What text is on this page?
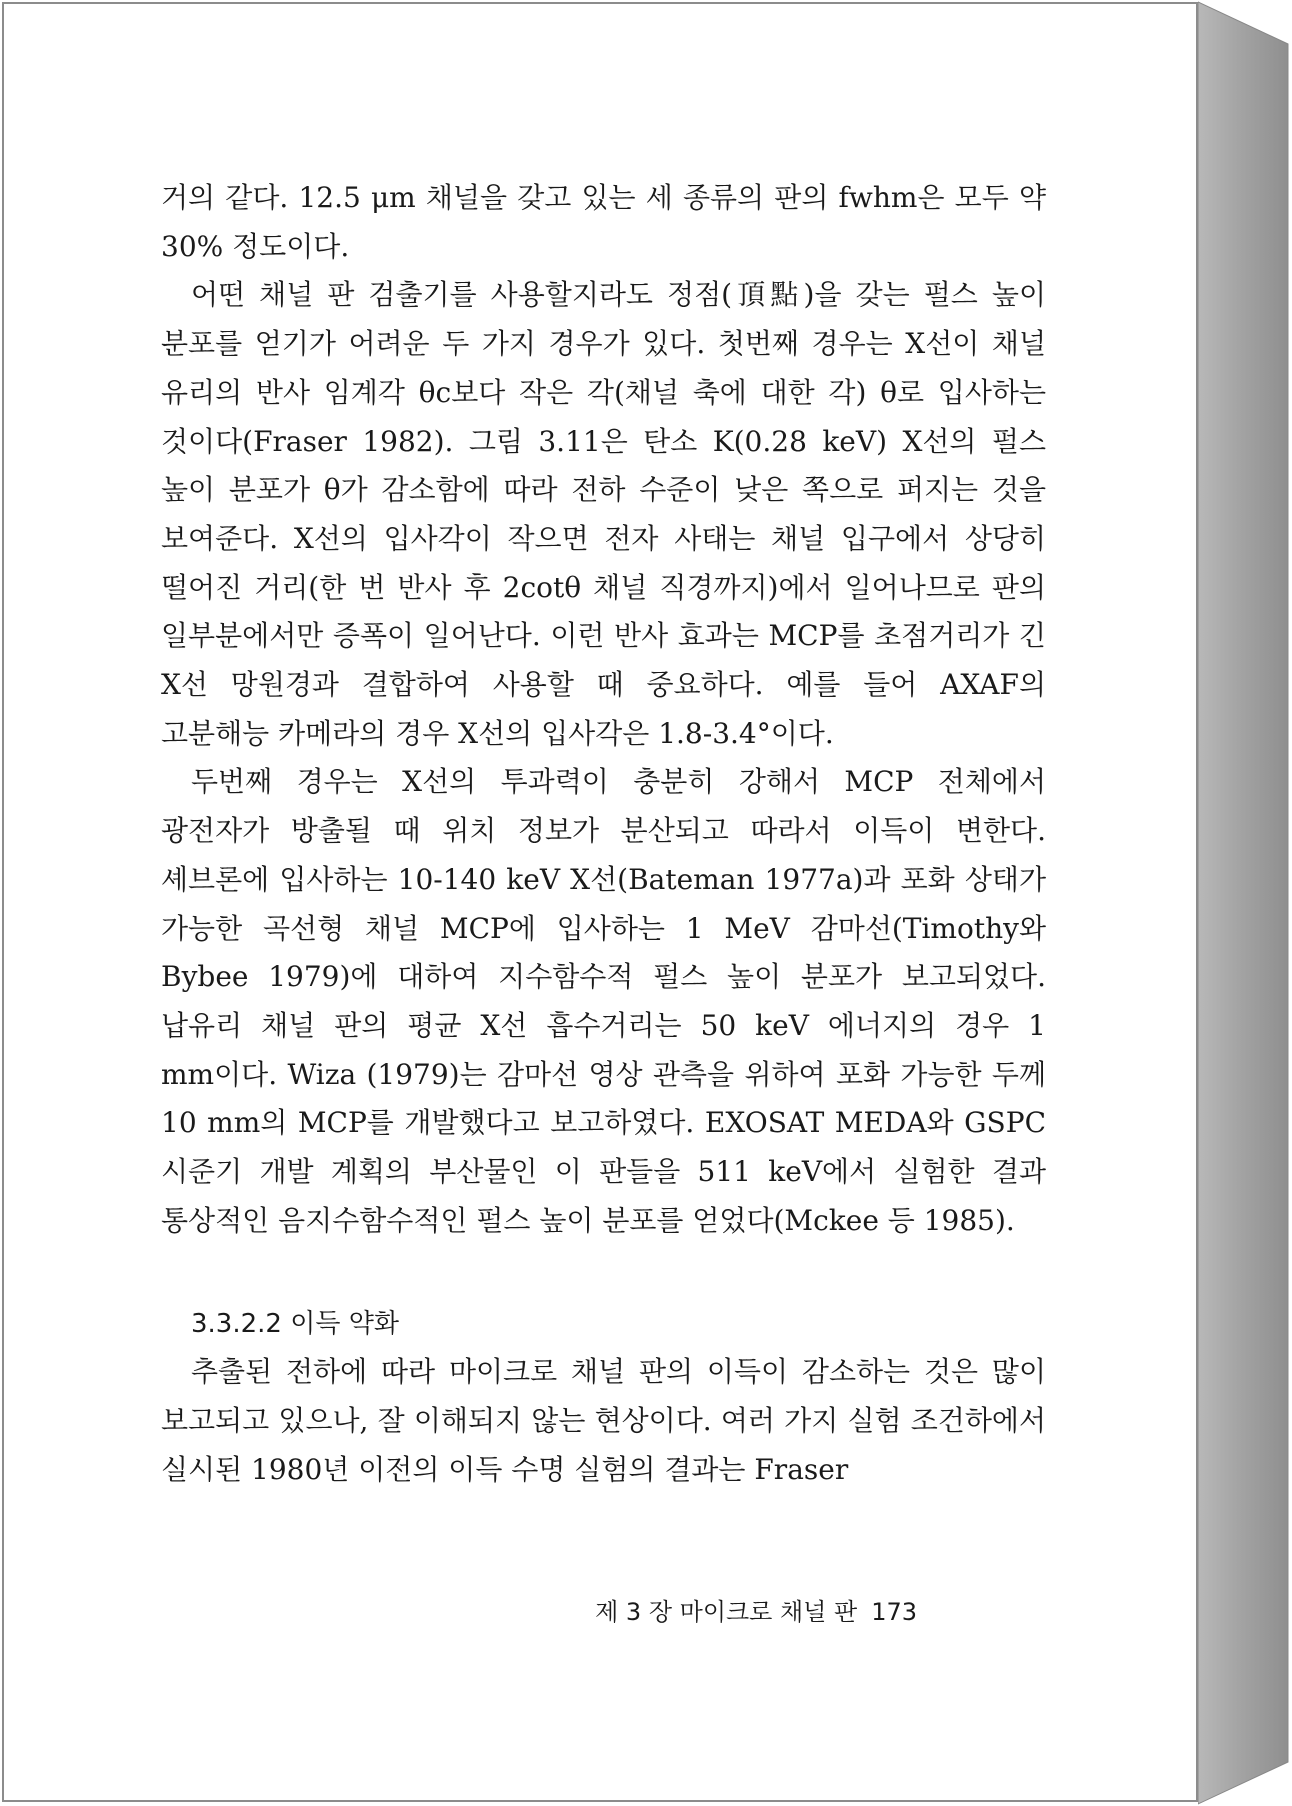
거의 같다. 12.5 μm 채널을 갖고 있는 세 종류의 판의 fwhm은 모두 약 30% 정도이다.

어떤 채널 판 검출기를 사용할지라도 정점(頂點)을 갖는 펄스 높이 분포를 얻기가 어려운 두 가지 경우가 있다. 첫번째 경우는 X선이 채널 유리의 반사 임계각 θc보다 작은 각(채널 축에 대한 각) θ로 입사하는 것이다(Fraser 1982). 그림 3.11은 탄소 K(0.28 keV) X선의 펄스 높이 분포가 θ가 감소함에 따라 전하 수준이 낮은 쪽으로 퍼지는 것을 보여준다. X선의 입사각이 작으면 전자 사태는 채널 입구에서 상당히 떨어진 거리(한 번 반사 후 2cotθ 채널 직경까지)에서 일어나므로 판의 일부분에서만 증폭이 일어난다. 이런 반사 효과는 MCP를 초점거리가 긴 X선 망원경과 결합하여 사용할 때 중요하다. 예를 들어 AXAF의 고분해능 카메라의 경우 X선의 입사각은 1.8-3.4°이다.

두번째 경우는 X선의 투과력이 충분히 강해서 MCP 전체에서 광전자가 방출될 때 위치 정보가 분산되고 따라서 이득이 변한다. 셰브론에 입사하는 10-140 keV X선(Bateman 1977a)과 포화 상태가 가능한 곡선형 채널 MCP에 입사하는 1 MeV 감마선(Timothy와 Bybee 1979)에 대하여 지수함수적 펄스 높이 분포가 보고되었다. 납유리 채널 판의 평균 X선 흡수거리는 50 keV 에너지의 경우 1 mm이다. Wiza (1979)는 감마선 영상 관측을 위하여 포화 가능한 두께 10 mm의 MCP를 개발했다고 보고하였다. EXOSAT MEDA와 GSPC 시준기 개발 계획의 부산물인 이 판들을 511 keV에서 실험한 결과 통상적인 음지수함수적인 펄스 높이 분포를 얻었다(Mckee 등 1985).

3.3.2.2 이득 약화

추출된 전하에 따라 마이크로 채널 판의 이득이 감소하는 것은 많이 보고되고 있으나, 잘 이해되지 않는 현상이다. 여러 가지 실험 조건하에서 실시된 1980년 이전의 이득 수명 실험의 결과는 Fraser

제 3 장 마이크로 채널 판 173
